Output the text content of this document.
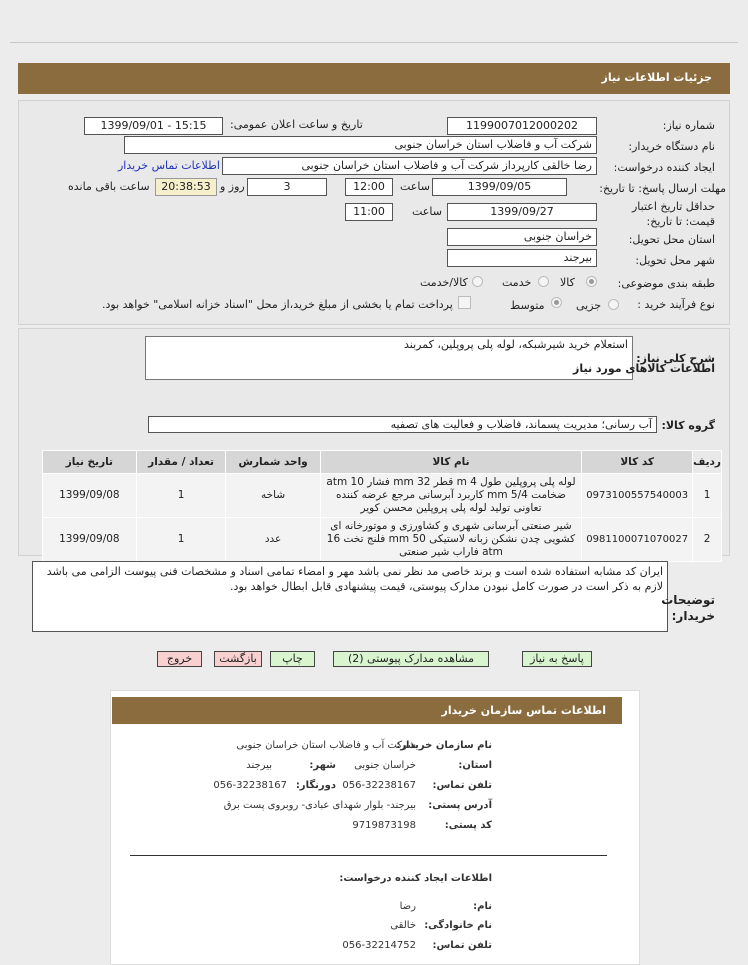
جزئیات اطلاعات نیاز
شماره نیاز:
1199007012000202
تاریخ و ساعت اعلان عمومی:
1399/09/01 - 15:15
نام دستگاه خریدار:
شرکت آب و فاضلاب استان خراسان جنوبی
ایجاد کننده درخواست:
رضا خالقی کارپرداز شرکت آب و فاضلاب استان خراسان جنوبی
اطلاعات تماس خریدار
مهلت ارسال پاسخ: تا تاریخ:
1399/09/05
ساعت
12:00
3
روز و
20:38:53
ساعت باقی مانده
حداقل تاریخ اعتبار قیمت: تا تاریخ:
1399/09/27
ساعت
11:00
استان محل تحویل:
خراسان جنوبی
شهر محل تحویل:
بیرجند
طبقه بندی موضوعی:
کالا
خدمت
کالا/خدمت
نوع فرآیند خرید :
جزیی
متوسط
پرداخت تمام یا بخشی از مبلغ خرید،از محل "اسناد خزانه اسلامی" خواهد بود.
شرح کلی نیاز:
استعلام خرید شیرشبکه، لوله پلی پروپلین، کمربند
اطلاعات کالاهای مورد نیاز
گروه کالا:
آب رسانی؛ مدیریت پسماند، فاضلاب و فعالیت های تصفیه
تاریخ نیاز	تعداد / مقدار	واحد شمارش	نام کالا	کد کالا	ردیف
1399/09/08	1	شاخه	لوله پلی پروپلین طول 4 m قطر 32 mm فشار 10 atm ضخامت 5/4 mm کاربرد آبرسانی مرجع عرضه کننده تعاونی تولید لوله پلی پروپلین محسن کویر	0973100557540003	1
1399/09/08	1	عدد	شیر صنعتی آبرسانی شهری و کشاورزی و موتورخانه ای کشویی چدن نشکن زبانه لاستیکی 50 mm فلنج تخت 16 atm فاراب شیر صنعتی	0981100071070027	2
ایران کد مشابه استفاده شده است و برند خاصی مد نظر نمی باشد مهر و امضاء تمامی اسناد و مشخصات فنی پیوست الزامی می باشد لازم به ذکر است در صورت کامل نبودن مدارک پیوستی، قیمت پیشنهادی قابل ابطال خواهد بود.
توضیحات خریدار:
پاسخ به نیاز
مشاهده مدارک پیوستی (2)
چاپ
بازگشت
خروج
اطلاعات تماس سازمان خریدار
نام سازمان خریدار:
شرکت آب و فاضلاب استان خراسان جنوبی
استان:
خراسان جنوبی
شهر:
بیرجند
تلفن تماس:
056-32238167
دورنگار:
056-32238167
آدرس پستی:
بیرجند- بلوار شهدای عبادی- روبروی پست برق
کد پستی:
9719873198
اطلاعات ایجاد کننده درخواست:
نام:
رضا
نام خانوادگی:
خالقی
تلفن تماس:
056-32214752
